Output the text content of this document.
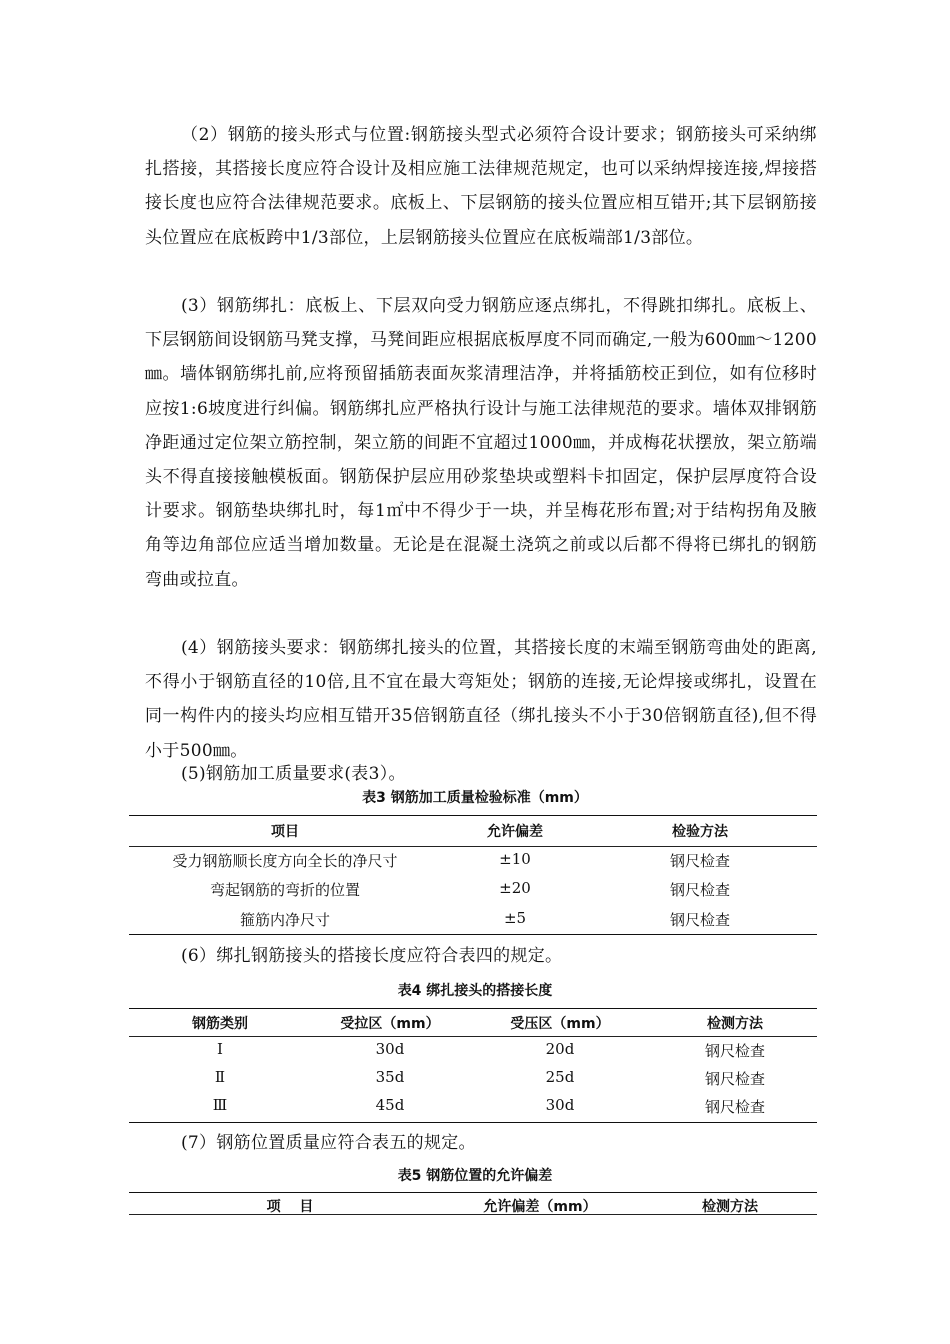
（2）钢筋的接头形式与位置:钢筋接头型式必须符合设计要求；钢筋接头可采纳绑扎搭接，其搭接长度应符合设计及相应施工法律规范规定，也可以采纳焊接连接,焊接搭接长度也应符合法律规范要求。底板上、下层钢筋的接头位置应相互错开;其下层钢筋接头位置应在底板跨中1/3部位，上层钢筋接头位置应在底板端部1/3部位。

(3）钢筋绑扎：底板上、下层双向受力钢筋应逐点绑扎，不得跳扣绑扎。底板上、下层钢筋间设钢筋马凳支撑，马凳间距应根据底板厚度不同而确定,一般为600㎜～1200㎜。墙体钢筋绑扎前,应将预留插筋表面灰浆清理洁净，并将插筋校正到位，如有位移时应按1:6坡度进行纠偏。钢筋绑扎应严格执行设计与施工法律规范的要求。墙体双排钢筋净距通过定位架立筋控制，架立筋的间距不宜超过1000㎜，并成梅花状摆放，架立筋端头不得直接接触模板面。钢筋保护层应用砂浆垫块或塑料卡扣固定，保护层厚度符合设计要求。钢筋垫块绑扎时，每1㎡中不得少于一块，并呈梅花形布置;对于结构拐角及腋角等边角部位应适当增加数量。无论是在混凝土浇筑之前或以后都不得将已绑扎的钢筋弯曲或拉直。

(4）钢筋接头要求：钢筋绑扎接头的位置，其搭接长度的末端至钢筋弯曲处的距离,不得小于钢筋直径的10倍,且不宜在最大弯矩处；钢筋的连接,无论焊接或绑扎，设置在同一构件内的接头均应相互错开35倍钢筋直径（绑扎接头不小于30倍钢筋直径),但不得小于500㎜。

(5)钢筋加工质量要求(表3）。

表3 钢筋加工质量检验标准（mm）
项目	允许偏差	检验方法
受力钢筋顺长度方向全长的净尺寸	±10	钢尺检查
弯起钢筋的弯折的位置	±20	钢尺检查
箍筋内净尺寸	±5	钢尺检查

(6）绑扎钢筋接头的搭接长度应符合表四的规定。

表4 绑扎接头的搭接长度
钢筋类别	受拉区（mm）	受压区（mm）	检测方法
Ⅰ	30d	20d	钢尺检查
Ⅱ	35d	25d	钢尺检查
Ⅲ	45d	30d	钢尺检查

(7）钢筋位置质量应符合表五的规定。

表5 钢筋位置的允许偏差
项 目	允许偏差（mm）	检测方法
